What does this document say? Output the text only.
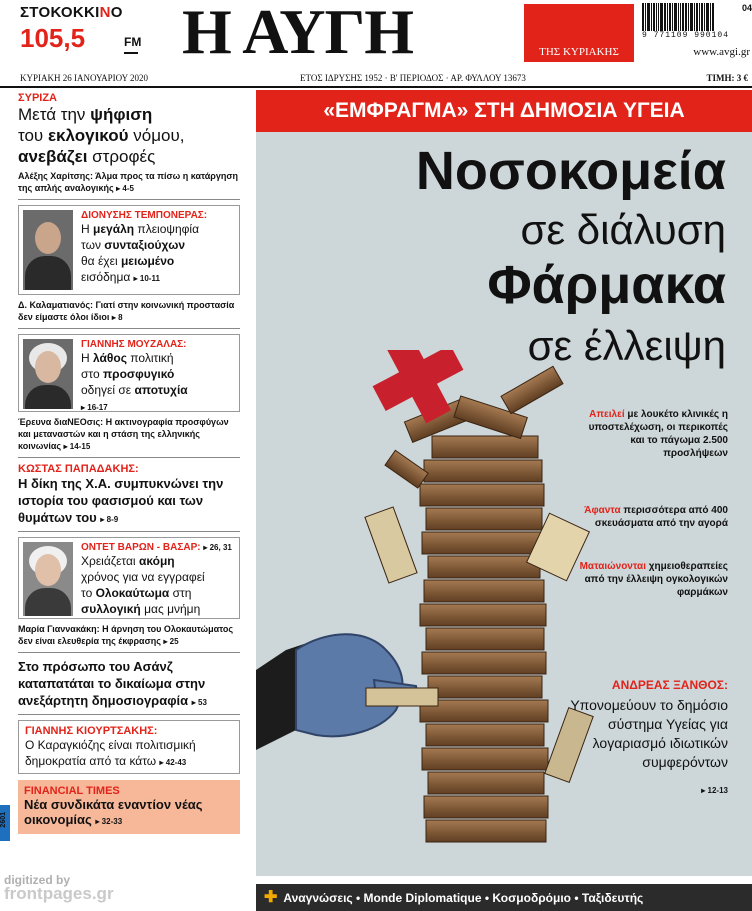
ΣΤΟΚΟΚΚΙΝΟ
105,5	FM Η ΑΥΓΗ	ΤΗΣ ΚΥΡΙΑΚΗΣ
04
9 771109 990104
www.avgi.gr
ΚΥΡΙΑΚΗ 26 ΙΑΝΟΥΑΡΙΟΥ 2020	ΕΤΟΣ ΙΔΡΥΣΗΣ 1952 · Β' ΠΕΡΙΟΔΟΣ · ΑΡ. ΦΥΛΛΟΥ 13673	ΤΙΜΗ: 3 €
ΣΥΡΙΖΑ
Μετά την ψήφιση
του εκλογικού νόμου,
ανεβάζει στροφές
Αλέξης Χαρίτσης: Άλμα προς τα πίσω η κατάργηση της απλής αναλογικής ▸ 4-5
ΔΙΟΝΥΣΗΣ ΤΕΜΠΟΝΕΡΑΣ:
Η μεγάλη πλειοψηφία
των συνταξιούχων
θα έχει μειωμένο
εισόδημα ▸ 10-11
Δ. Καλαματιανός: Γιατί στην κοινωνική προστασία δεν είμαστε όλοι ίδιοι ▸ 8
ΓΙΑΝΝΗΣ ΜΟΥΖΑΛΑΣ:
Η λάθος πολιτική
στο προσφυγικό
οδηγεί σε αποτυχία
▸ 16-17
Έρευνα διαΝΕΟσις: Η ακτινογραφία προσφύγων και μεταναστών και η στάση της ελληνικής κοινωνίας ▸ 14-15
ΚΩΣΤΑΣ ΠΑΠΑΔΑΚΗΣ:
Η δίκη της Χ.Α. συμπυκνώνει την ιστορία του φασισμού και των θυμάτων του ▸ 8-9
ΟΝΤΕΤ ΒΑΡΩΝ - ΒΑΣΑΡ: ▸ 26, 31
Χρειάζεται ακόμη
χρόνος για να εγγραφεί
το Ολοκαύτωμα στη
συλλογική μας μνήμη
Μαρία Γιαννακάκη: Η άρνηση του Ολοκαυτώματος δεν είναι ελευθερία της έκφρασης ▸ 25
Στο πρόσωπο του Ασάνζ καταπατάται το δικαίωμα στην ανεξάρτητη δημοσιογραφία ▸ 53
ΓΙΑΝΝΗΣ ΚΙΟΥΡΤΣΑΚΗΣ:
Ο Καραγκιόζης είναι πολιτισμική δημοκρατία από τα κάτω ▸ 42-43
FINANCIAL TIMES
Νέα συνδικάτα εναντίον νέας οικονομίας ▸ 32-33
«ΕΜΦΡΑΓΜΑ» ΣΤΗ ΔΗΜΟΣΙΑ ΥΓΕΙΑ
Νοσοκομεία
σε διάλυση
Φάρμακα
σε έλλειψη
Απειλεί με λουκέτο κλινικές η υποστελέχωση, οι περικοπές και το πάγωμα 2.500 προσλήψεων
Άφαντα περισσότερα από 400 σκευάσματα από την αγορά
Ματαιώνονται χημειοθεραπείες από την έλλειψη ογκολογικών φαρμάκων
ΑΝΔΡΕΑΣ ΞΑΝΘΟΣ:
Υπονομεύουν το δημόσιο σύστημα Υγείας για λογαριασμό ιδιωτικών συμφερόντων
▸ 12-13
✚ Αναγνώσεις • Monde Diplomatique • Κοσμοδρόμιο • Ταξιδευτής
2601
digitized by
frontpages.gr
